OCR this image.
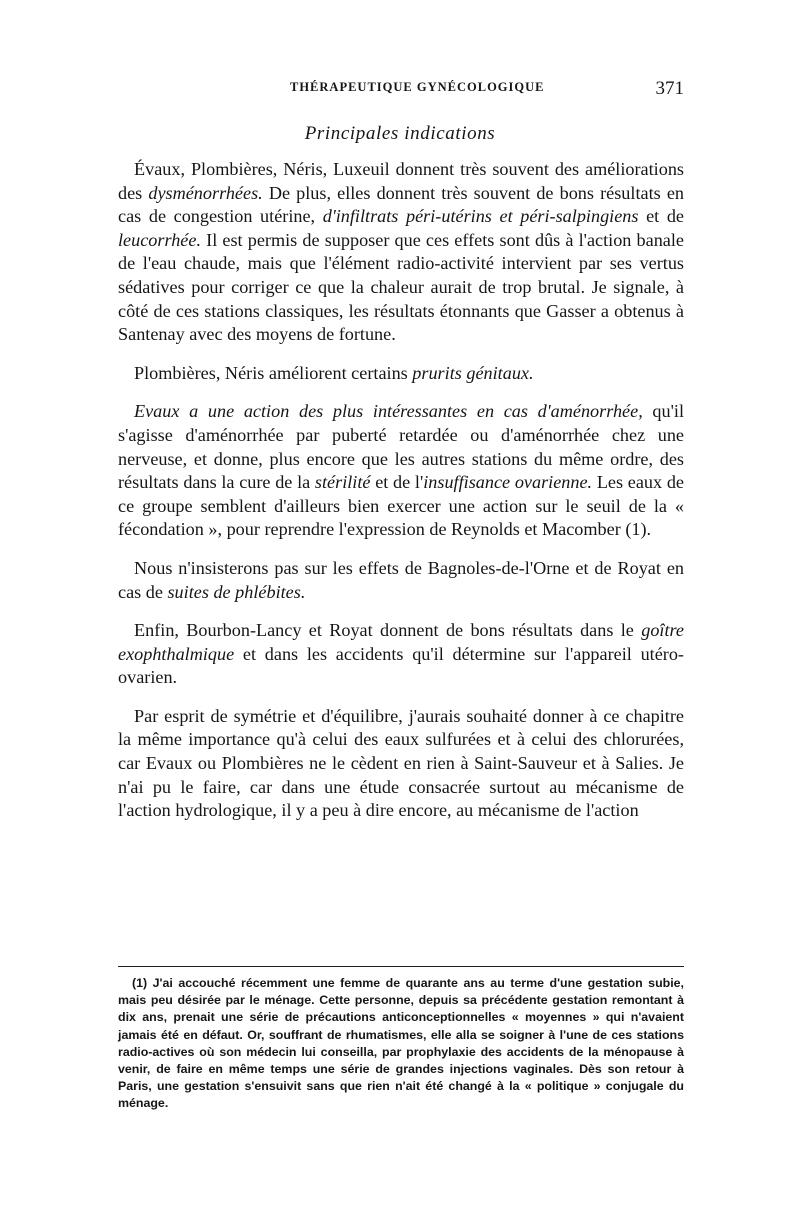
THÉRAPEUTIQUE GYNÉCOLOGIQUE	371
Principales indications

Évaux, Plombières, Néris, Luxeuil donnent très souvent des améliorations des dysménorrhées. De plus, elles donnent très souvent de bons résultats en cas de congestion utérine, d'infiltrats péri-utérins et péri-salpingiens et de leucorrhée. Il est permis de supposer que ces effets sont dûs à l'action banale de l'eau chaude, mais que l'élément radio-activité intervient par ses vertus sédatives pour corriger ce que la chaleur aurait de trop brutal. Je signale, à côté de ces stations classiques, les résultats étonnants que Gasser a obtenus à Santenay avec des moyens de fortune.

Plombières, Néris améliorent certains prurits génitaux.

Evaux a une action des plus intéressantes en cas d'aménorrhée, qu'il s'agisse d'aménorrhée par puberté retardée ou d'aménorrhée chez une nerveuse, et donne, plus encore que les autres stations du même ordre, des résultats dans la cure de la stérilité et de l'insuffisance ovarienne. Les eaux de ce groupe semblent d'ailleurs bien exercer une action sur le seuil de la « fécondation », pour reprendre l'expression de Reynolds et Macomber (1).

Nous n'insisterons pas sur les effets de Bagnoles-de-l'Orne et de Royat en cas de suites de phlébites.

Enfin, Bourbon-Lancy et Royat donnent de bons résultats dans le goître exophthalmique et dans les accidents qu'il détermine sur l'appareil utéro-ovarien.

Par esprit de symétrie et d'équilibre, j'aurais souhaité donner à ce chapitre la même importance qu'à celui des eaux sulfurées et à celui des chlorurées, car Evaux ou Plombières ne le cèdent en rien à Saint-Sauveur et à Salies. Je n'ai pu le faire, car dans une étude consacrée surtout au mécanisme de l'action hydrologique, il y a peu à dire encore, au mécanisme de l'action

(1) J'ai accouché récemment une femme de quarante ans au terme d'une gestation subie, mais peu désirée par le ménage. Cette personne, depuis sa précédente gestation remontant à dix ans, prenait une série de précautions anticonceptionnelles « moyennes » qui n'avaient jamais été en défaut. Or, souffrant de rhumatismes, elle alla se soigner à l'une de ces stations radio-actives où son médecin lui conseilla, par prophylaxie des accidents de la ménopause à venir, de faire en même temps une série de grandes injections vaginales. Dès son retour à Paris, une gestation s'ensuivit sans que rien n'ait été changé à la « politique » conjugale du ménage.
